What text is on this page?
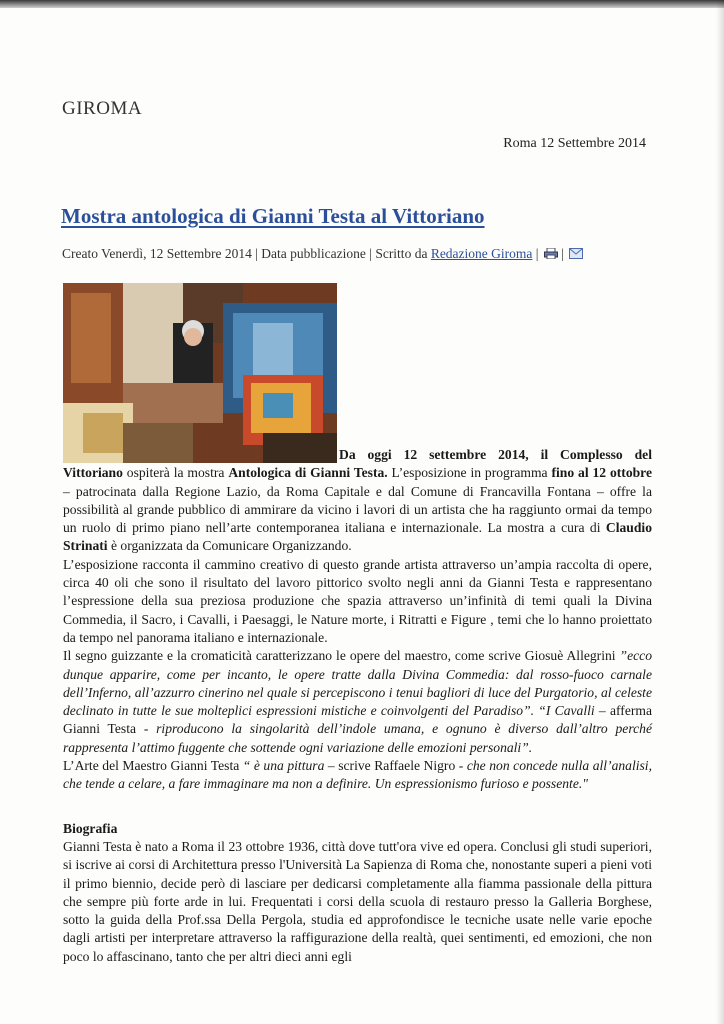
GIROMA
Roma 12 Settembre 2014
Mostra antologica di Gianni Testa al Vittoriano
Creato Venerdì, 12 Settembre 2014 | Data pubblicazione | Scritto da Redazione Giroma |  |

Da oggi 12 settembre 2014, il Complesso del Vittoriano ospiterà la mostra Antologica di Gianni Testa. L’esposizione in programma fino al 12 ottobre – patrocinata dalla Regione Lazio, da Roma Capitale e dal Comune di Francavilla Fontana – offre la possibilità al grande pubblico di ammirare da vicino i lavori di un artista che ha raggiunto ormai da tempo un ruolo di primo piano nell’arte contemporanea italiana e internazionale. La mostra a cura di Claudio Strinati è organizzata da Comunicare Organizzando.

L’esposizione racconta il cammino creativo di questo grande artista attraverso un’ampia raccolta di opere, circa 40 oli che sono il risultato del lavoro pittorico svolto negli anni da Gianni Testa e rappresentano l’espressione della sua preziosa produzione che spazia attraverso un’infinità di temi quali la Divina Commedia, il Sacro, i Cavalli, i Paesaggi, le Nature morte, i Ritratti e Figure , temi che lo hanno proiettato da tempo nel panorama italiano e internazionale.

Il segno guizzante e la cromaticità caratterizzano le opere del maestro, come scrive Giosuè Allegrini ”ecco dunque apparire, come per incanto, le opere tratte dalla Divina Commedia: dal rosso-fuoco carnale dell’Inferno, all’azzurro cinerino nel quale si percepiscono i tenui bagliori di luce del Purgatorio, al celeste declinato in tutte le sue molteplici espressioni mistiche e coinvolgenti del Paradiso”. “I Cavalli – afferma Gianni Testa - riproducono la singolarità dell’indole umana, e ognuno è diverso dall’altro perché rappresenta l’attimo fuggente che sottende ogni variazione delle emozioni personali”.

L’Arte del Maestro Gianni Testa “ è una pittura – scrive Raffaele Nigro - che non concede nulla all’analisi, che tende a celare, a fare immaginare ma non a definire. Un espressionismo furioso e possente."

Biografia
Gianni Testa è nato a Roma il 23 ottobre 1936, città dove tutt'ora vive ed opera. Conclusi gli studi superiori, si iscrive ai corsi di Architettura presso l'Università La Sapienza di Roma che, nonostante superi a pieni voti il primo biennio, decide però di lasciare per dedicarsi completamente alla fiamma passionale della pittura che sempre più forte arde in lui. Frequentati i corsi della scuola di restauro presso la Galleria Borghese, sotto la guida della Prof.ssa Della Pergola, studia ed approfondisce le tecniche usate nelle varie epoche dagli artisti per interpretare attraverso la raffigurazione della realtà, quei sentimenti, ed emozioni, che non poco lo affascinano, tanto che per altri dieci anni egli
